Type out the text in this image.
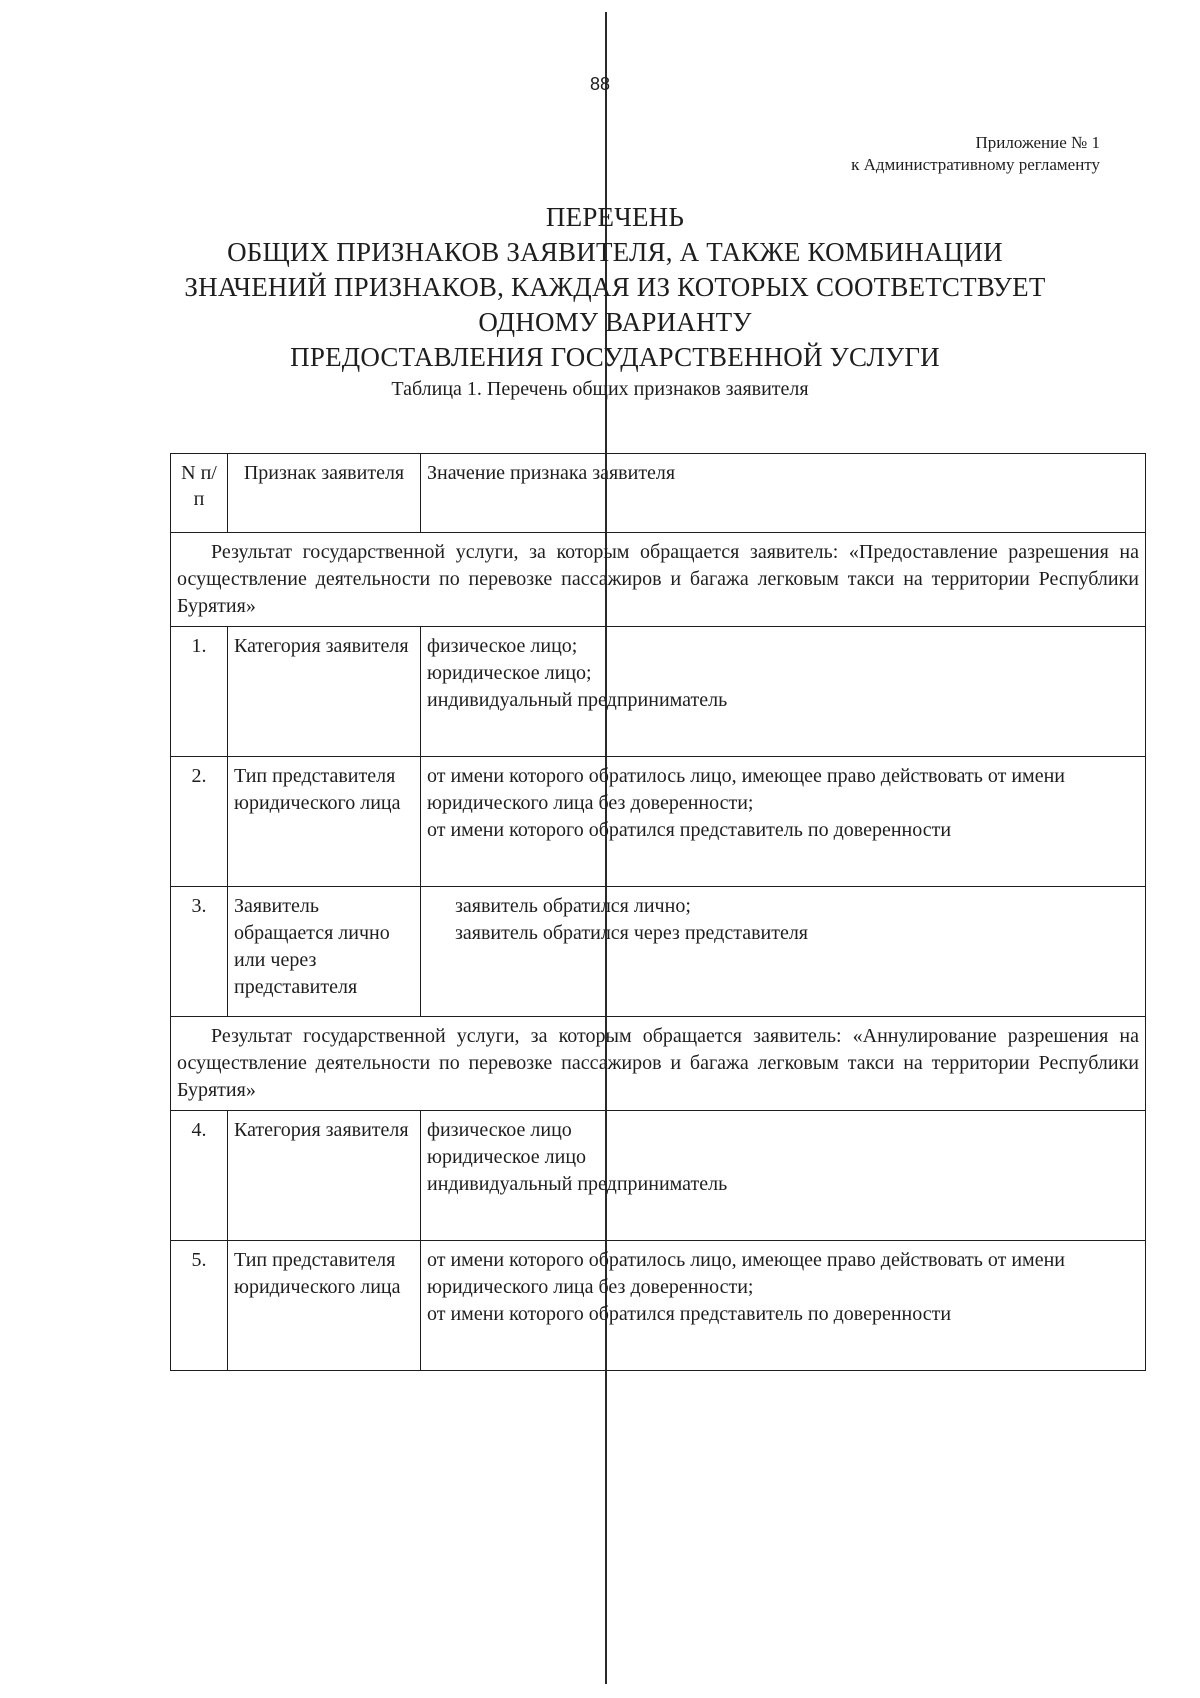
88
Приложение № 1
к Административному регламенту
ПЕРЕЧЕНЬ
ОБЩИХ ПРИЗНАКОВ ЗАЯВИТЕЛЯ, А ТАКЖЕ КОМБИНАЦИИ
ЗНАЧЕНИЙ ПРИЗНАКОВ, КАЖДАЯ ИЗ КОТОРЫХ СООТВЕТСТВУЕТ
ОДНОМУ ВАРИАНТУ
ПРЕДОСТАВЛЕНИЯ ГОСУДАРСТВЕННОЙ УСЛУГИ
Таблица 1. Перечень общих признаков заявителя
N п/п	Признак заявителя	Значение признака заявителя
Результат государственной услуги, за которым обращается заявитель: «Предоставление разрешения на осуществление деятельности по перевозке пассажиров и багажа легковым такси на территории Республики Бурятия»		
1.	Категория заявителя	физическое лицо;
юридическое лицо;
индивидуальный предприниматель

2.	Тип представителя юридического лица	от имени которого обратилось лицо, имеющее право действовать от имени юридического лица без доверенности;
от имени которого обратился представитель по доверенности

3.	Заявитель обращается лично или через представителя	заявитель обратился лично;
заявитель обратился через представителя

Результат государственной услуги, за которым обращается заявитель: «Аннулирование разрешения на осуществление деятельности по перевозке пассажиров и багажа легковым такси на территории Республики Бурятия»		
4.	Категория заявителя	физическое лицо
юридическое лицо
индивидуальный предприниматель

5.	Тип представителя юридического лица	от имени которого обратилось лицо, имеющее право действовать от имени юридического лица без доверенности;
от имени которого обратился представитель по доверенности
